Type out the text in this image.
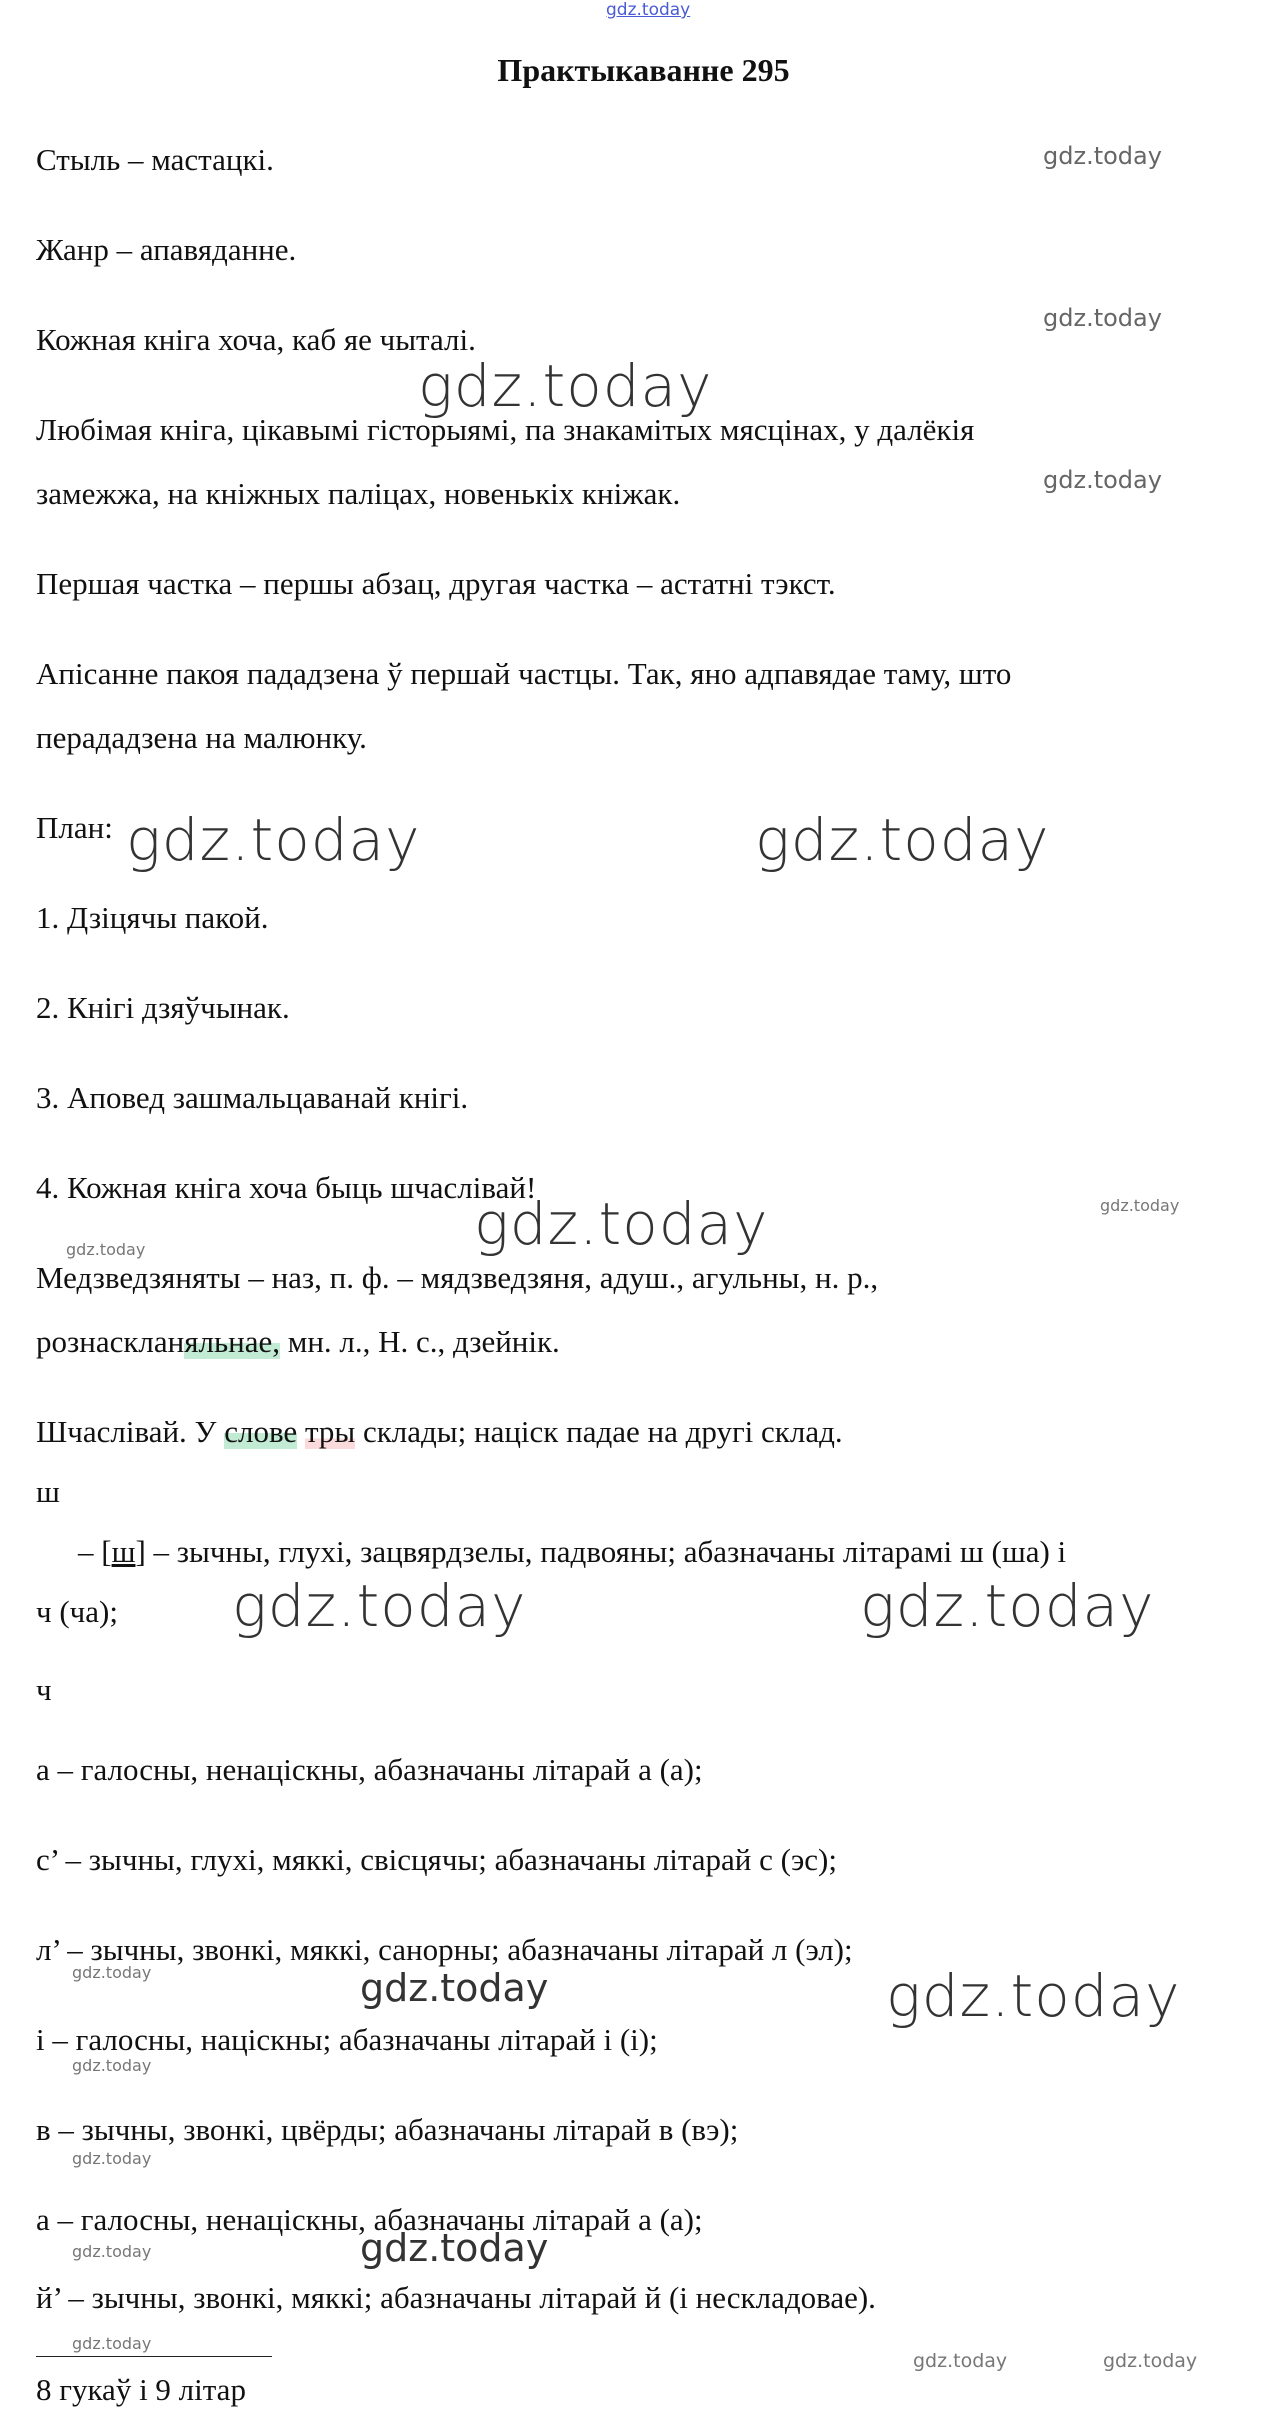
gdz.today
Практыкаванне 295
Стыль – мастацкі.
Жанр – апавяданне.
Кожная кніга хоча, каб яе чыталі.
Любімая кніга, цікавымі гісторыямі, па знакамітых мясцінах, у далёкія
замежжа, на кніжных паліцах, новенькіх кніжак.
Першая частка – першы абзац, другая частка – астатні тэкст.
Апісанне пакоя пададзена ў першай частцы. Так, яно адпавядае таму, што
перададзена на малюнку.
План:
1. Дзіцячы пакой.
2. Кнігі дзяўчынак.
3. Аповед зашмальцаванай кнігі.
4. Кожная кніга хоча быць шчаслівай!
Медзведзяняты – наз, п. ф. – мядзведзяня, адуш., агульны, н. р.,
рознаскланяльнае, мн. л., Н. с., дзейнік.
Шчаслівай. У слове тры склады; націск падае на другі склад.
ш
– [ш] – зычны, глухі, зацвярдзелы, падвояны; абазначаны літарамі ш (ша) і
ч (ча);
ч
а – галосны, ненаціскны, абазначаны літарай а (а);
с’ – зычны, глухі, мяккі, свісцячы; абазначаны літарай с (эс);
л’ – зычны, звонкі, мяккі, санорны; абазначаны літарай л (эл);
і – галосны, націскны; абазначаны літарай і (і);
в – зычны, звонкі, цвёрды; абазначаны літарай в (вэ);
а – галосны, ненаціскны, абазначаны літарай а (а);
й’ – зычны, звонкі, мяккі; абазначаны літарай й (і нескладовае).
8 гукаў і 9 літар
gdz.today
gdz.today
gdz.today
gdz.today
gdz.today	gdz.today
gdz.today
gdz.today
gdz.today
gdz.today	gdz.today
gdz.today	gdz.today	gdz.today
gdz.today
gdz.today
gdz.today	gdz.today
gdz.today
gdz.today	gdz.today
